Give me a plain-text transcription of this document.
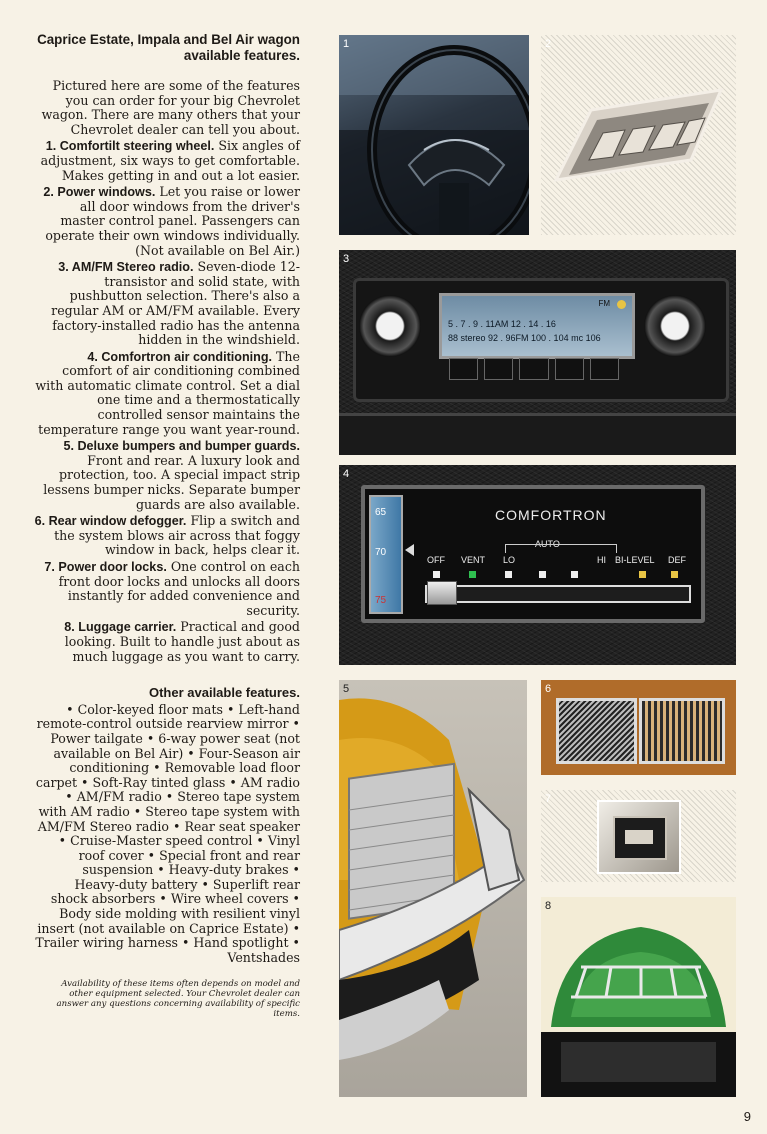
Caprice Estate, Impala and Bel Air wagon available features.

Pictured here are some of the features you can order for your big Chevrolet wagon. There are many others that your Chevrolet dealer can tell you about.

1. Comfortilt steering wheel. Six angles of adjustment, six ways to get comfortable. Makes getting in and out a lot easier.

2. Power windows. Let you raise or lower all door windows from the driver's master control panel. Passengers can operate their own windows individually. (Not available on Bel Air.)

3. AM/FM Stereo radio. Seven-diode 12-transistor and solid state, with pushbutton selection. There's also a regular AM or AM/FM available. Every factory-installed radio has the antenna hidden in the windshield.

4. Comfortron air conditioning. The comfort of air conditioning combined with automatic climate control. Set a dial one time and a thermostatically controlled sensor maintains the temperature range you want year-round.

5. Deluxe bumpers and bumper guards. Front and rear. A luxury look and protection, too. A special impact strip lessens bumper nicks. Separate bumper guards are also available.

6. Rear window defogger. Flip a switch and the system blows air across that foggy window in back, helps clear it.

7. Power door locks. One control on each front door locks and unlocks all doors instantly for added convenience and security.

8. Luggage carrier. Practical and good looking. Built to handle just about as much luggage as you want to carry.

Other available features.

• Color-keyed floor mats • Left-hand remote-control outside rearview mirror • Power tailgate • 6-way power seat (not available on Bel Air) • Four-Season air conditioning • Removable load floor carpet • Soft-Ray tinted glass • AM radio • AM/FM radio • Stereo tape system with AM radio • Stereo tape system with AM/FM Stereo radio • Rear seat speaker • Cruise-Master speed control • Vinyl roof cover • Special front and rear suspension • Heavy-duty brakes • Heavy-duty battery • Superlift rear shock absorbers • Wire wheel covers • Body side molding with resilient vinyl insert (not available on Caprice Estate) • Trailer wiring harness • Hand spotlight • Ventshades

Availability of these items often depends on model and other equipment selected. Your Chevrolet dealer can answer any questions concerning availability of specific items.

1	2
3
FM
5 . 7 . 9 . 11AM 12 . 14 . 16
88 stereo 92 . 96FM 100 . 104 mc 106
4
65
70
75
COMFORTRON
AUTO
OFF VENT LO	HI BI-LEVEL DEF
5	6
7
8
9
